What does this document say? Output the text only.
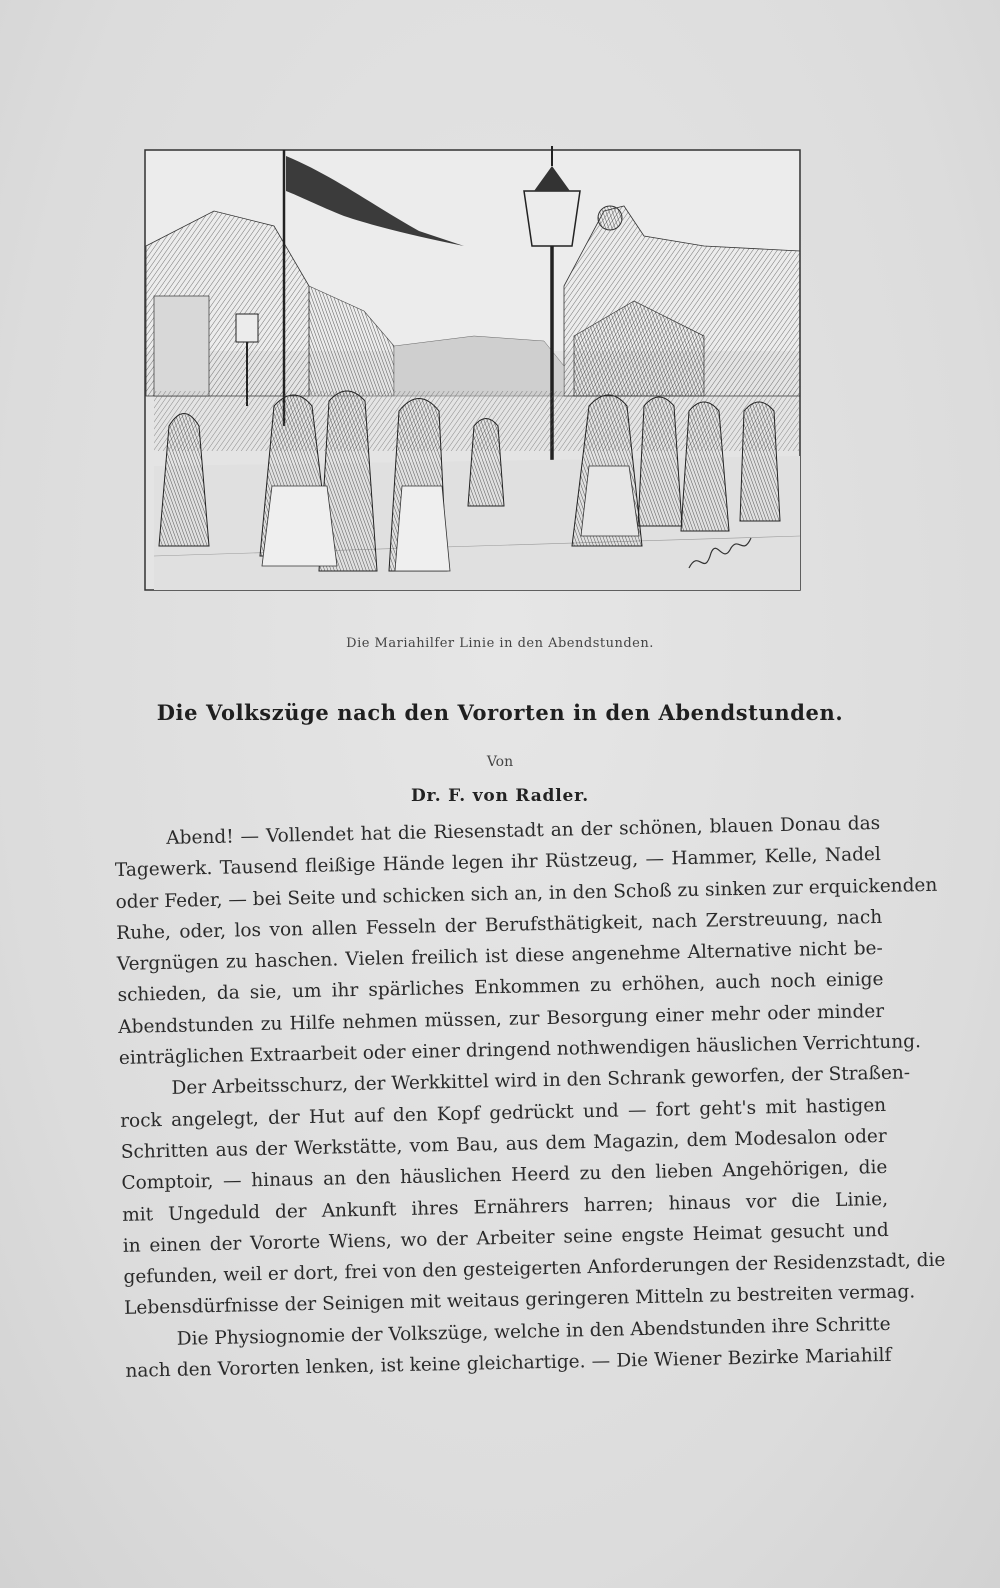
Die Mariahilfer Linie in den Abendstunden.
Die Volkszüge nach den Vororten in den Abendstunden.
Von
Dr. F. von Radler.
Abend! — Vollendet hat die Riesenstadt an der schönen, blauen Donau das
Tagewerk. Tausend fleißige Hände legen ihr Rüstzeug, — Hammer, Kelle, Nadel
oder Feder, — bei Seite und schicken sich an, in den Schoß zu sinken zur erquickenden
Ruhe, oder, los von allen Fesseln der Berufsthätigkeit, nach Zerstreuung, nach
Vergnügen zu haschen. Vielen freilich ist diese angenehme Alternative nicht be-
schieden, da sie, um ihr spärliches Enkommen zu erhöhen, auch noch einige
Abendstunden zu Hilfe nehmen müssen, zur Besorgung einer mehr oder minder
einträglichen Extraarbeit oder einer dringend nothwendigen häuslichen Verrichtung.
Der Arbeitsschurz, der Werkkittel wird in den Schrank geworfen, der Straßen-
rock angelegt, der Hut auf den Kopf gedrückt und — fort geht's mit hastigen
Schritten aus der Werkstätte, vom Bau, aus dem Magazin, dem Modesalon oder
Comptoir, — hinaus an den häuslichen Heerd zu den lieben Angehörigen, die
mit Ungeduld der Ankunft ihres Ernährers harren; hinaus vor die Linie,
in einen der Vororte Wiens, wo der Arbeiter seine engste Heimat gesucht und
gefunden, weil er dort, frei von den gesteigerten Anforderungen der Residenzstadt, die
Lebensdürfnisse der Seinigen mit weitaus geringeren Mitteln zu bestreiten vermag.
Die Physiognomie der Volkszüge, welche in den Abendstunden ihre Schritte
nach den Vororten lenken, ist keine gleichartige. — Die Wiener Bezirke Mariahilf
